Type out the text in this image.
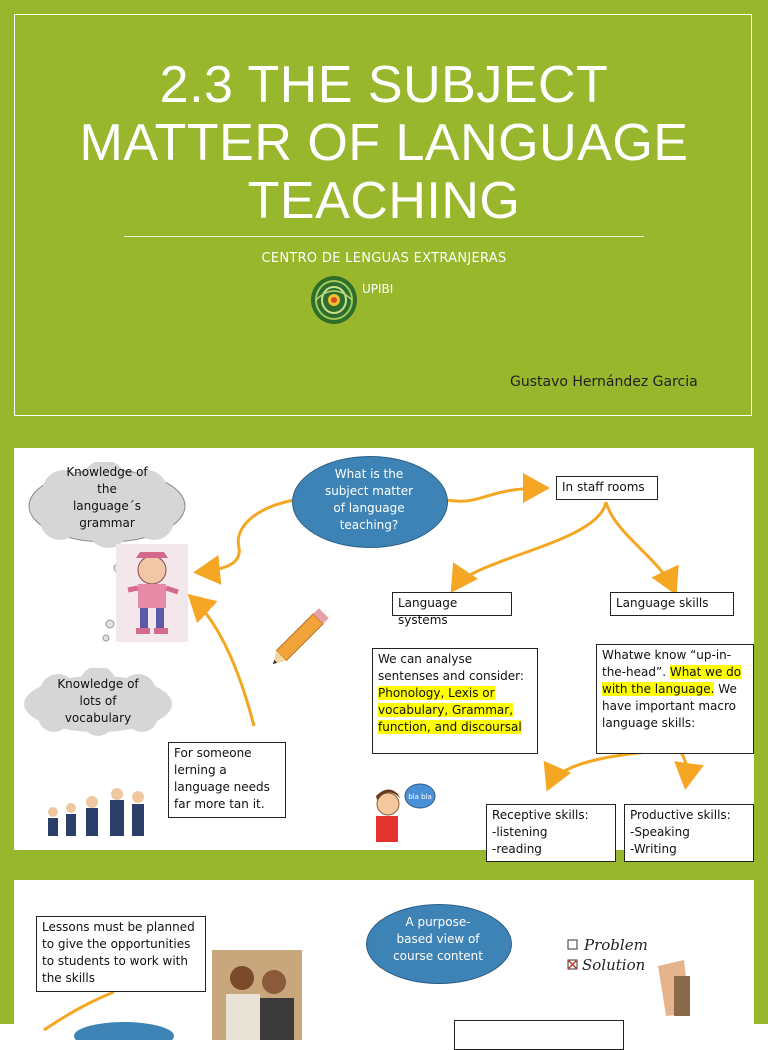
2.3 THE SUBJECT
MATTER OF LANGUAGE
TEACHING
CENTRO DE LENGUAS EXTRANJERAS
UPIBI
Gustavo Hernández Garcia
Knowledge of
the
language´s
grammar
Knowledge of
lots of
vocabulary
For someone lerning a language needs far more tan it.
What is the
subject matter
of language
teaching?
In staff rooms
Language systems
Language skills
We can analyse sentenses and consider: Phonology, Lexis or vocabulary, Grammar, function, and discoursal
Whatwe know “up-in-the-head”. What we do with the language. We have important macro language skills:
bla bla
Receptive skills:
-listening
-reading
Productive skills:
-Speaking
-Writing
Lessons must be planned to give the opportunities to students to work with the skills
A purpose-
based view of
course content
Problem
Solution
